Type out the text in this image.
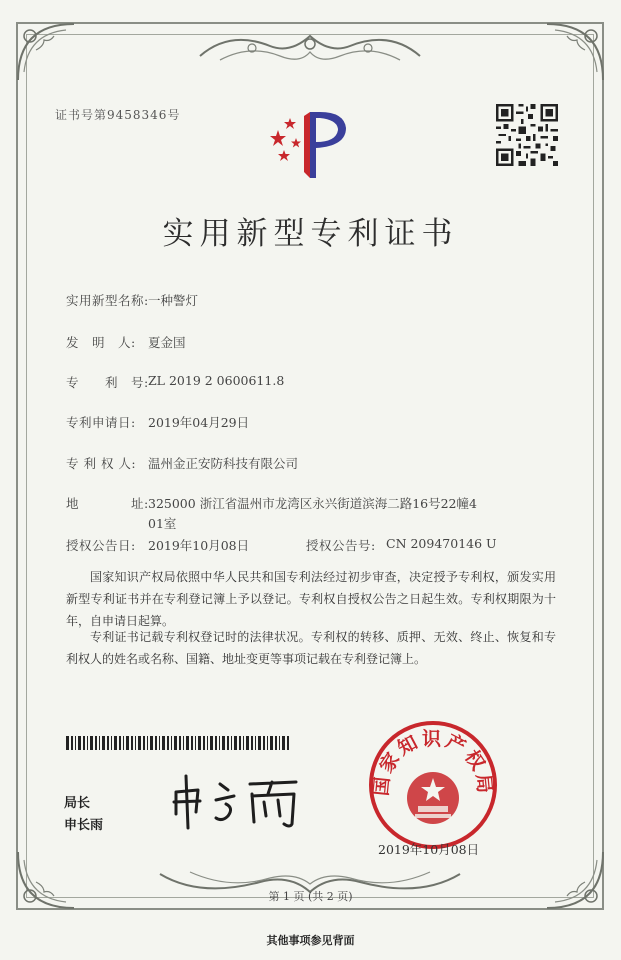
证书号第9458346号
实用新型专利证书
实用新型名称: 一种警灯
发　明　人: 夏金国
专　　利　号: ZL 2019 2 0600611.8
专利申请日: 2019年04月29日
专 利 权 人: 温州金正安防科技有限公司
地　　　　址: 325000 浙江省温州市龙湾区永兴街道滨海二路16号22幢4
01室
授权公告日: 2019年10月08日	授权公告号: CN 209470146 U
国家知识产权局依照中华人民共和国专利法经过初步审查，决定授予专利权，颁发实用新型专利证书并在专利登记簿上予以登记。专利权自授权公告之日起生效。专利权期限为十年，自申请日起算。
专利证书记载专利权登记时的法律状况。专利权的转移、质押、无效、终止、恢复和专利权人的姓名或名称、国籍、地址变更等事项记载在专利登记簿上。
局长
申长雨
国家知识产权局
2019年10月08日
第 1 页 (共 2 页)
其他事项参见背面
